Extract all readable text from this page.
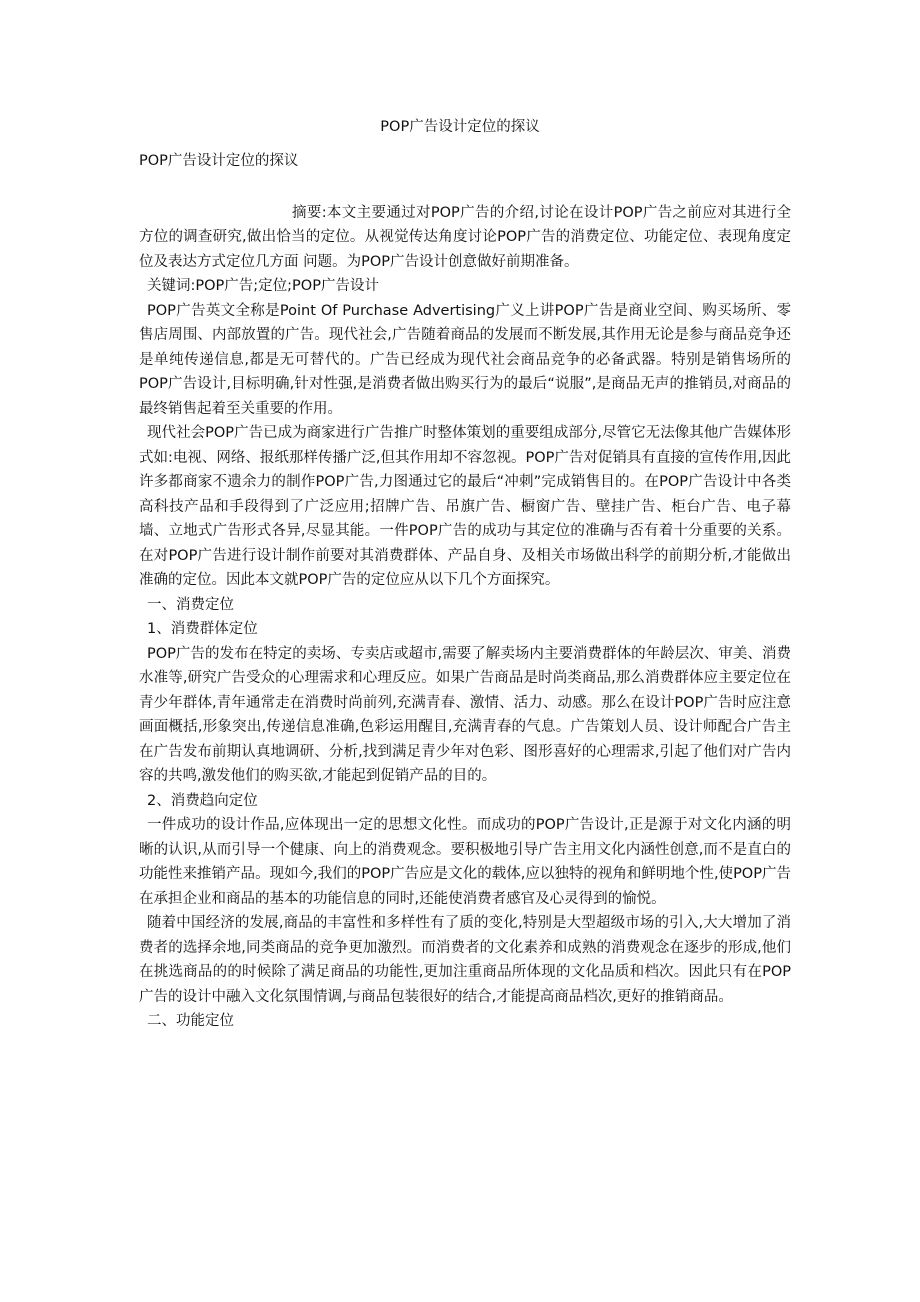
POP广告设计定位的探议

POP广告设计定位的探议

摘要:本文主要通过对POP广告的介绍,讨论在设计POP广告之前应对其进行全方位的调查研究,做出恰当的定位。从视觉传达角度讨论POP广告的消费定位、功能定位、表现角度定位及表达方式定位几方面 问题。为POP广告设计创意做好前期准备。

关键词:POP广告;定位;POP广告设计

POP广告英文全称是Point Of Purchase Advertising广义上讲POP广告是商业空间、购买场所、零售店周围、内部放置的广告。现代社会,广告随着商品的发展而不断发展,其作用无论是参与商品竞争还是单纯传递信息,都是无可替代的。广告已经成为现代社会商品竞争的必备武器。特别是销售场所的POP广告设计,目标明确,针对性强,是消费者做出购买行为的最后“说服”,是商品无声的推销员,对商品的最终销售起着至关重要的作用。

现代社会POP广告已成为商家进行广告推广时整体策划的重要组成部分,尽管它无法像其他广告媒体形式如:电视、网络、报纸那样传播广泛,但其作用却不容忽视。POP广告对促销具有直接的宣传作用,因此许多都商家不遗余力的制作POP广告,力图通过它的最后“冲刺”完成销售目的。在POP广告设计中各类高科技产品和手段得到了广泛应用;招牌广告、吊旗广告、橱窗广告、壁挂广告、柜台广告、电子幕墙、立地式广告形式各异,尽显其能。一件POP广告的成功与其定位的准确与否有着十分重要的关系。在对POP广告进行设计制作前要对其消费群体、产品自身、及相关市场做出科学的前期分析,才能做出准确的定位。因此本文就POP广告的定位应从以下几个方面探究。

一、消费定位

1、消费群体定位

POP广告的发布在特定的卖场、专卖店或超市,需要了解卖场内主要消费群体的年龄层次、审美、消费水准等,研究广告受众的心理需求和心理反应。如果广告商品是时尚类商品,那么消费群体应主要定位在青少年群体,青年通常走在消费时尚前列,充满青春、激情、活力、动感。那么在设计POP广告时应注意画面概括,形象突出,传递信息准确,色彩运用醒目,充满青春的气息。广告策划人员、设计师配合广告主在广告发布前期认真地调研、分析,找到满足青少年对色彩、图形喜好的心理需求,引起了他们对广告内容的共鸣,激发他们的购买欲,才能起到促销产品的目的。

2、消费趋向定位

一件成功的设计作品,应体现出一定的思想文化性。而成功的POP广告设计,正是源于对文化内涵的明晰的认识,从而引导一个健康、向上的消费观念。要积极地引导广告主用文化内涵性创意,而不是直白的功能性来推销产品。现如今,我们的POP广告应是文化的载体,应以独特的视角和鲜明地个性,使POP广告在承担企业和商品的基本的功能信息的同时,还能使消费者感官及心灵得到的愉悦。

随着中国经济的发展,商品的丰富性和多样性有了质的变化,特别是大型超级市场的引入,大大增加了消费者的选择余地,同类商品的竞争更加激烈。而消费者的文化素养和成熟的消费观念在逐步的形成,他们在挑选商品的的时候除了满足商品的功能性,更加注重商品所体现的文化品质和档次。因此只有在POP广告的设计中融入文化氛围情调,与商品包装很好的结合,才能提高商品档次,更好的推销商品。

二、功能定位
